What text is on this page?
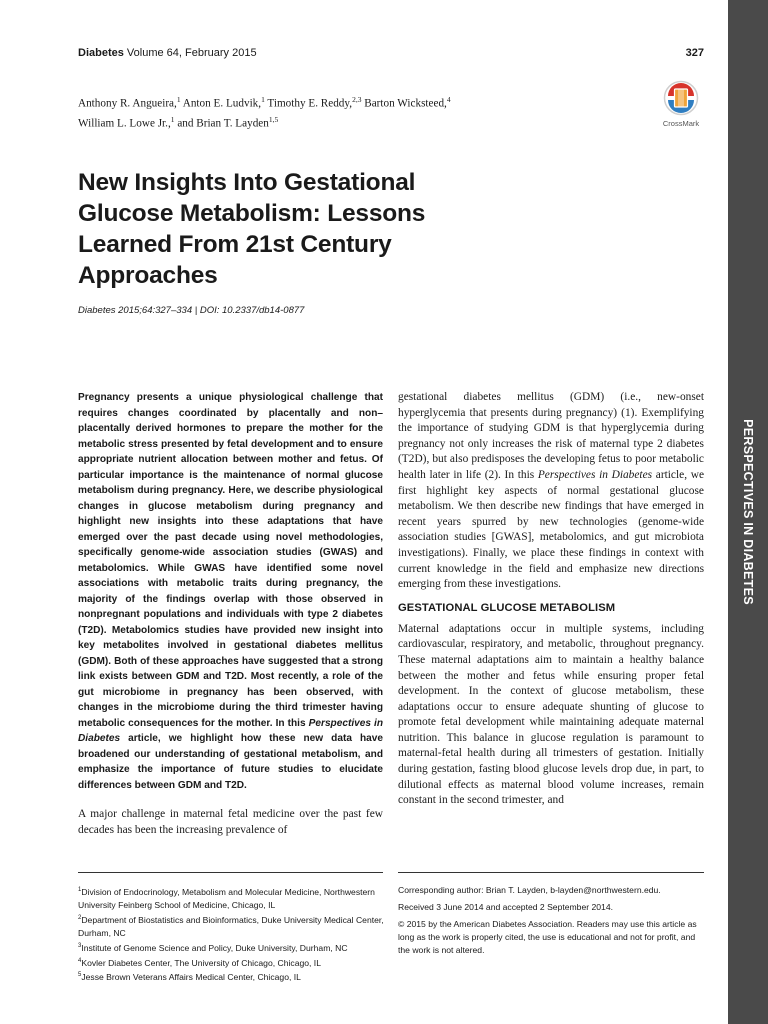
PERSPECTIVES IN DIABETES
Diabetes Volume 64, February 2015	327
Anthony R. Angueira,$^1$ Anton E. Ludvik,$^1$ Timothy E. Reddy,$^{2,3}$ Barton Wicksteed,$^4$
William L. Lowe Jr.,$^1$ and Brian T. Layden$^{1,5}$	CrossMark
New Insights Into Gestational
Glucose Metabolism: Lessons
Learned From 21st Century
Approaches
Diabetes 2015;64:327–334 | DOI: 10.2337/db14-0877

Pregnancy presents a unique physiological challenge that requires changes coordinated by placentally and non–placentally derived hormones to prepare the mother for the metabolic stress presented by fetal development and to ensure appropriate nutrient allocation between mother and fetus. Of particular importance is the maintenance of normal glucose metabolism during pregnancy. Here, we describe physiological changes in glucose metabolism during pregnancy and highlight new insights into these adaptations that have emerged over the past decade using novel methodologies, specifically genome-wide association studies (GWAS) and metabolomics. While GWAS have identified some novel associations with metabolic traits during pregnancy, the majority of the findings overlap with those observed in nonpregnant populations and individuals with type 2 diabetes (T2D). Metabolomics studies have provided new insight into key metabolites involved in gestational diabetes mellitus (GDM). Both of these approaches have suggested that a strong link exists between GDM and T2D. Most recently, a role of the gut microbiome in pregnancy has been observed, with changes in the microbiome during the third trimester having metabolic consequences for the mother. In this Perspectives in Diabetes article, we highlight how these new data have broadened our understanding of gestational metabolism, and emphasize the importance of future studies to elucidate differences between GDM and T2D.

A major challenge in maternal fetal medicine over the past few decades has been the increasing prevalence of

gestational diabetes mellitus (GDM) (i.e., new-onset hyperglycemia that presents during pregnancy) (1). Exemplifying the importance of studying GDM is that hyperglycemia during pregnancy not only increases the risk of maternal type 2 diabetes (T2D), but also predisposes the developing fetus to poor metabolic health later in life (2). In this Perspectives in Diabetes article, we first highlight key aspects of normal gestational glucose metabolism. We then describe new findings that have emerged in recent years spurred by new technologies (genome-wide association studies [GWAS], metabolomics, and gut microbiota investigations). Finally, we place these findings in context with current knowledge in the field and emphasize new directions emerging from these investigations.

GESTATIONAL GLUCOSE METABOLISM

Maternal adaptations occur in multiple systems, including cardiovascular, respiratory, and metabolic, throughout pregnancy. These maternal adaptations aim to maintain a healthy balance between the mother and fetus while ensuring proper fetal development. In the context of glucose metabolism, these adaptations occur to ensure adequate shunting of glucose to promote fetal development while maintaining adequate maternal nutrition. This balance in glucose regulation is paramount to maternal-fetal health during all trimesters of gestation. Initially during gestation, fasting blood glucose levels drop due, in part, to dilutional effects as maternal blood volume increases, remain constant in the second trimester, and

$^1$Division of Endocrinology, Metabolism and Molecular Medicine, Northwestern University Feinberg School of Medicine, Chicago, IL

$^2$Department of Biostatistics and Bioinformatics, Duke University Medical Center, Durham, NC

$^3$Institute of Genome Science and Policy, Duke University, Durham, NC

$^4$Kovler Diabetes Center, The University of Chicago, Chicago, IL

$^5$Jesse Brown Veterans Affairs Medical Center, Chicago, IL

Corresponding author: Brian T. Layden, b-layden@northwestern.edu.

Received 3 June 2014 and accepted 2 September 2014.

© 2015 by the American Diabetes Association. Readers may use this article as long as the work is properly cited, the use is educational and not for profit, and the work is not altered.
